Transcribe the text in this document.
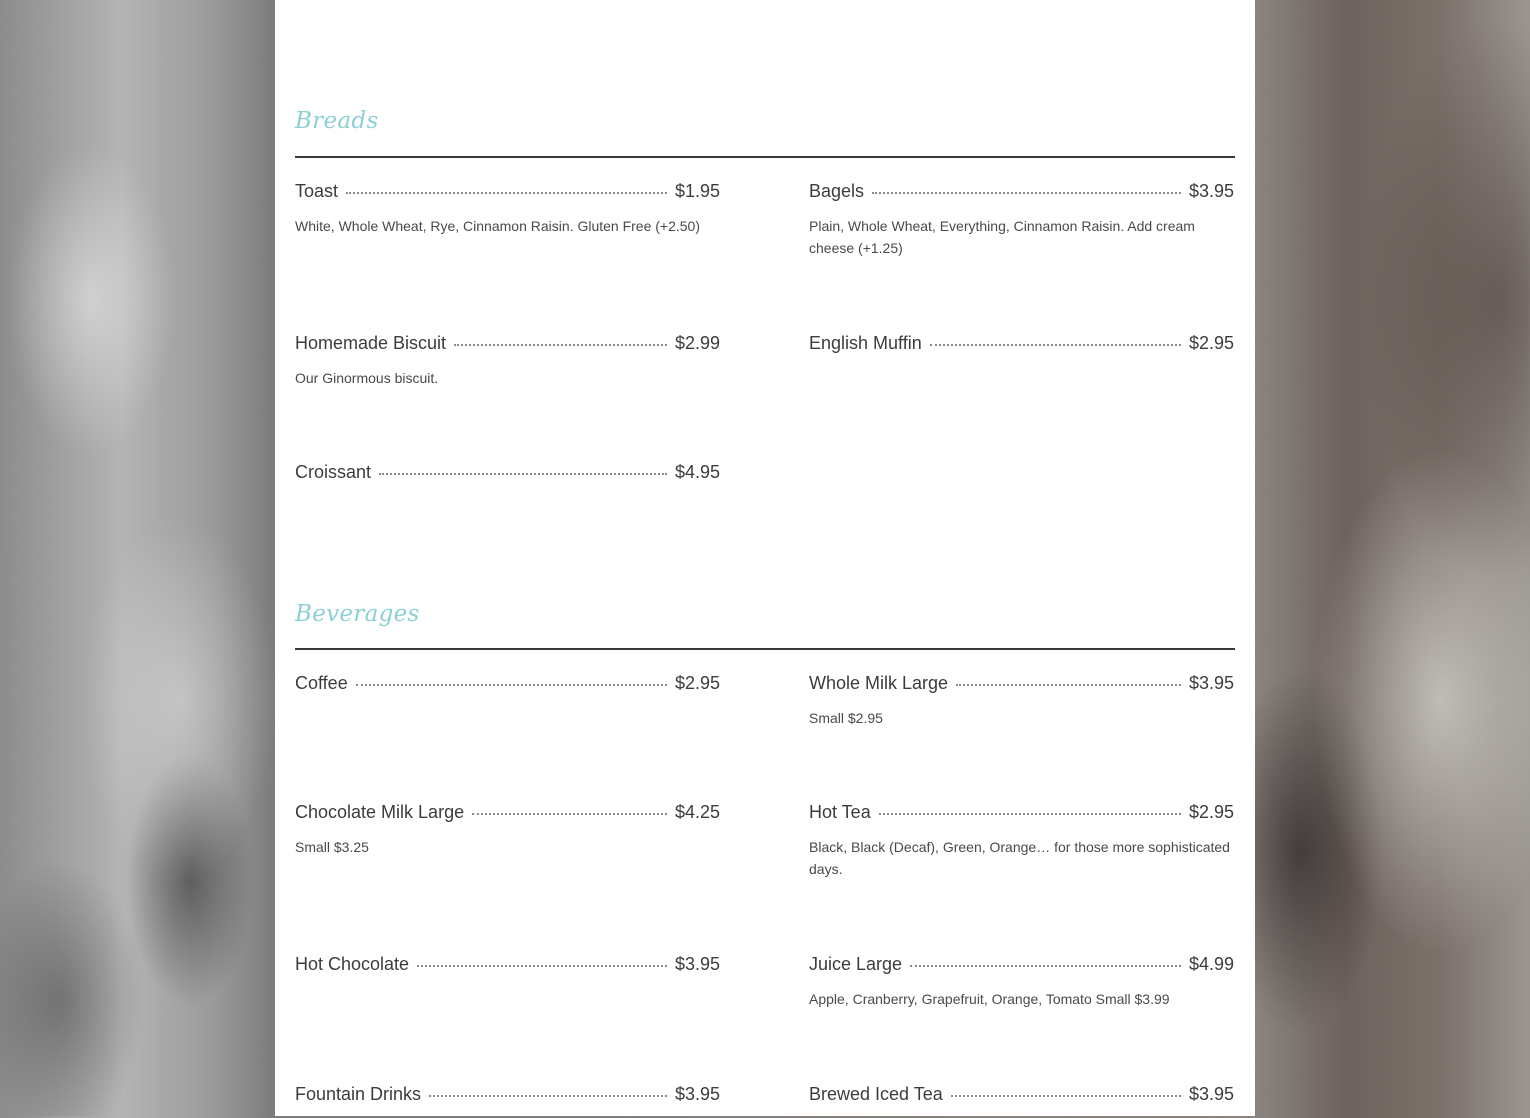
Breads
Toast	$1.95
White, Whole Wheat, Rye, Cinnamon Raisin. Gluten Free (+2.50)
Bagels	$3.95
Plain, Whole Wheat, Everything, Cinnamon Raisin. Add cream cheese (+1.25)
Homemade Biscuit	$2.99
Our Ginormous biscuit.
English Muffin	$2.95
Croissant	$4.95
Beverages
Coffee	$2.95	Whole Milk Large	$3.95
Small $2.95
Chocolate Milk Large	$4.25
Small $3.25
Hot Tea	$2.95
Black, Black (Decaf), Green, Orange… for those more sophisticated days.
Hot Chocolate	$3.95	Juice Large	$4.99
Apple, Cranberry, Grapefruit, Orange, Tomato Small $3.99
Fountain Drinks	$3.95	Brewed Iced Tea	$3.95
